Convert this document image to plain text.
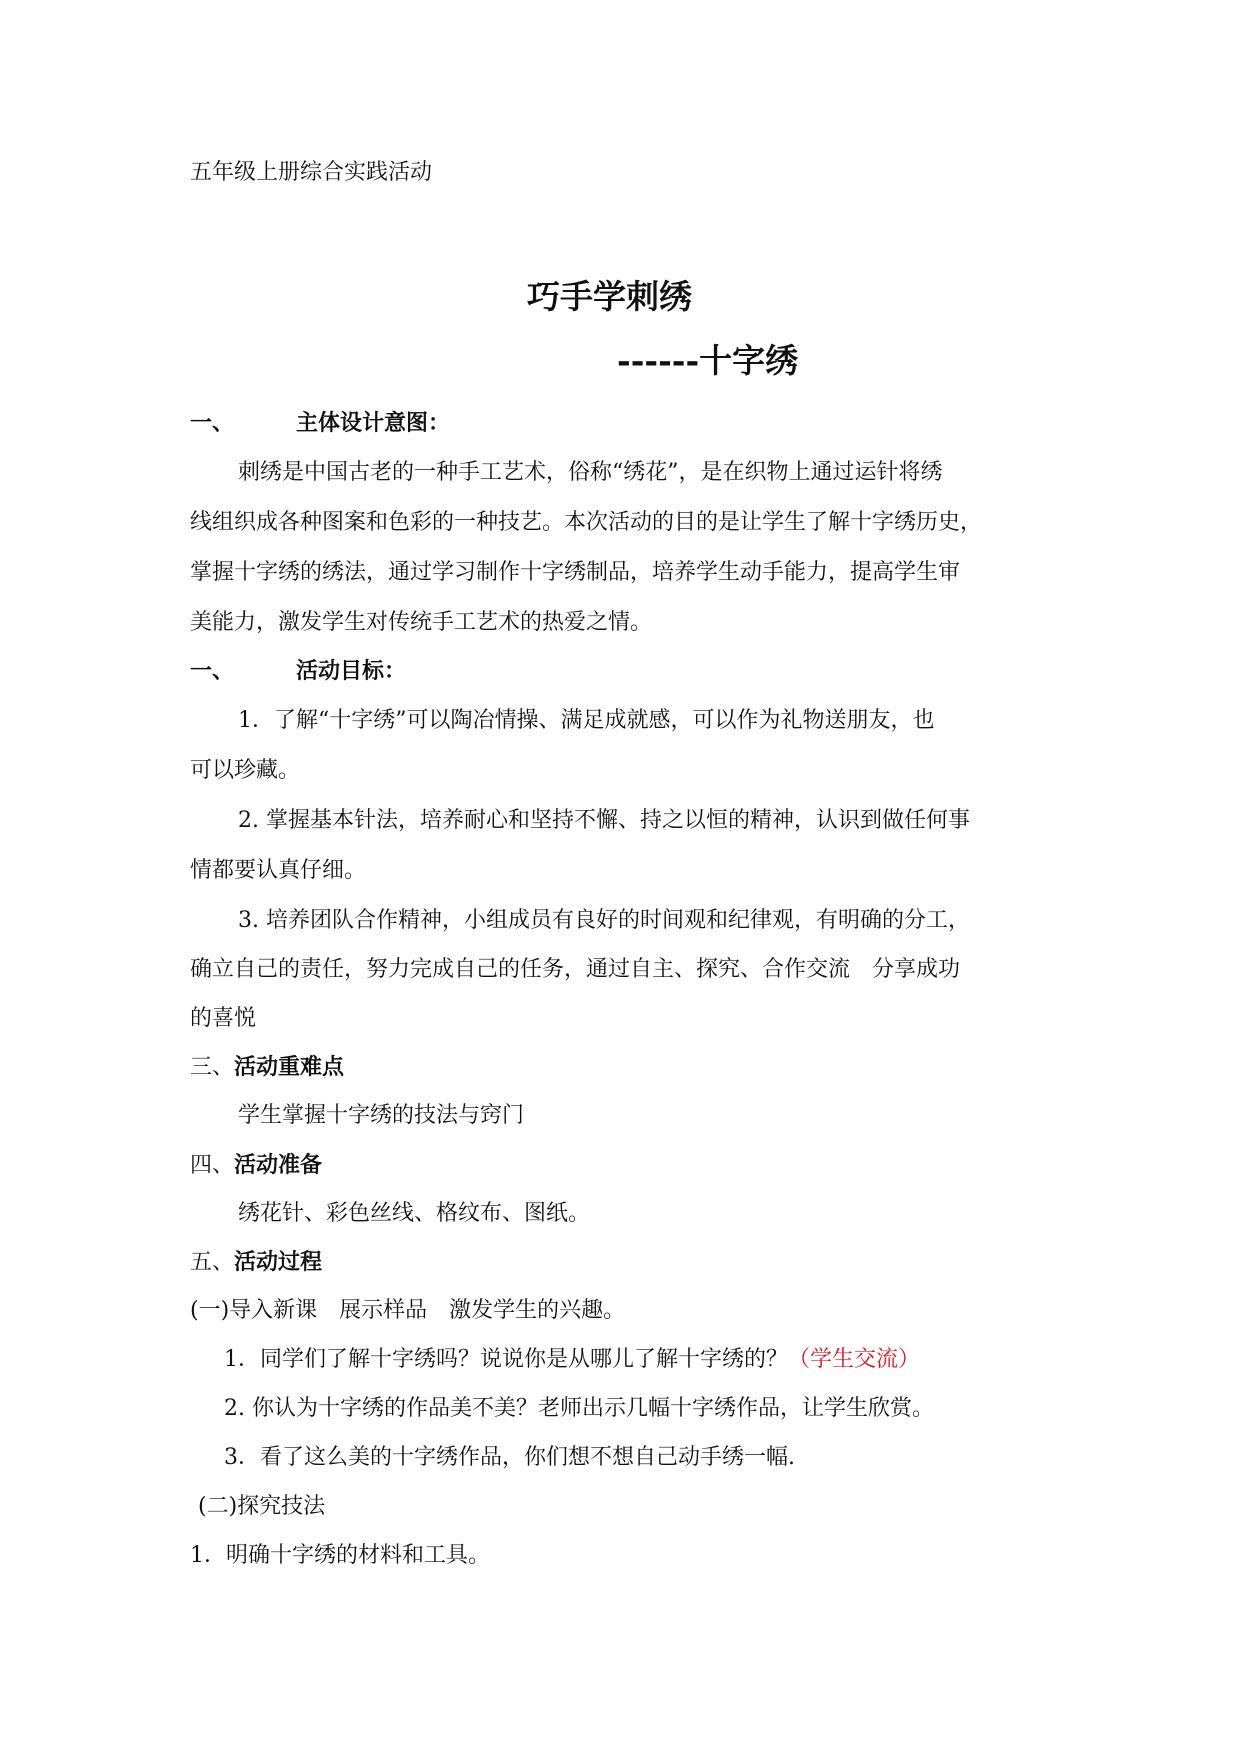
五年级上册综合实践活动
巧手学刺绣
------十字绣
一、	主体设计意图：
刺绣是中国古老的一种手工艺术，俗称“绣花”，是在织物上通过运针将绣
线组织成各种图案和色彩的一种技艺。本次活动的目的是让学生了解十字绣历史，
掌握十字绣的绣法，通过学习制作十字绣制品，培养学生动手能力，提高学生审
美能力，激发学生对传统手工艺术的热爱之情。
一、	活动目标：
1．了解“十字绣”可以陶冶情操、满足成就感，可以作为礼物送朋友，也
可以珍藏。
2. 掌握基本针法，培养耐心和坚持不懈、持之以恒的精神，认识到做任何事
情都要认真仔细。
3. 培养团队合作精神，小组成员有良好的时间观和纪律观，有明确的分工，
确立自己的责任，努力完成自己的任务，通过自主、探究、合作交流　分享成功
的喜悦
三、活动重难点
学生掌握十字绣的技法与窍门
四、活动准备
绣花针、彩色丝线、格纹布、图纸。
五、活动过程
(一)导入新课　展示样品　激发学生的兴趣。
1．同学们了解十字绣吗？说说你是从哪儿了解十字绣的？（学生交流）
2. 你认为十字绣的作品美不美？老师出示几幅十字绣作品，让学生欣赏。
3．看了这么美的十字绣作品，你们想不想自己动手绣一幅.
(二)探究技法
1．明确十字绣的材料和工具。
